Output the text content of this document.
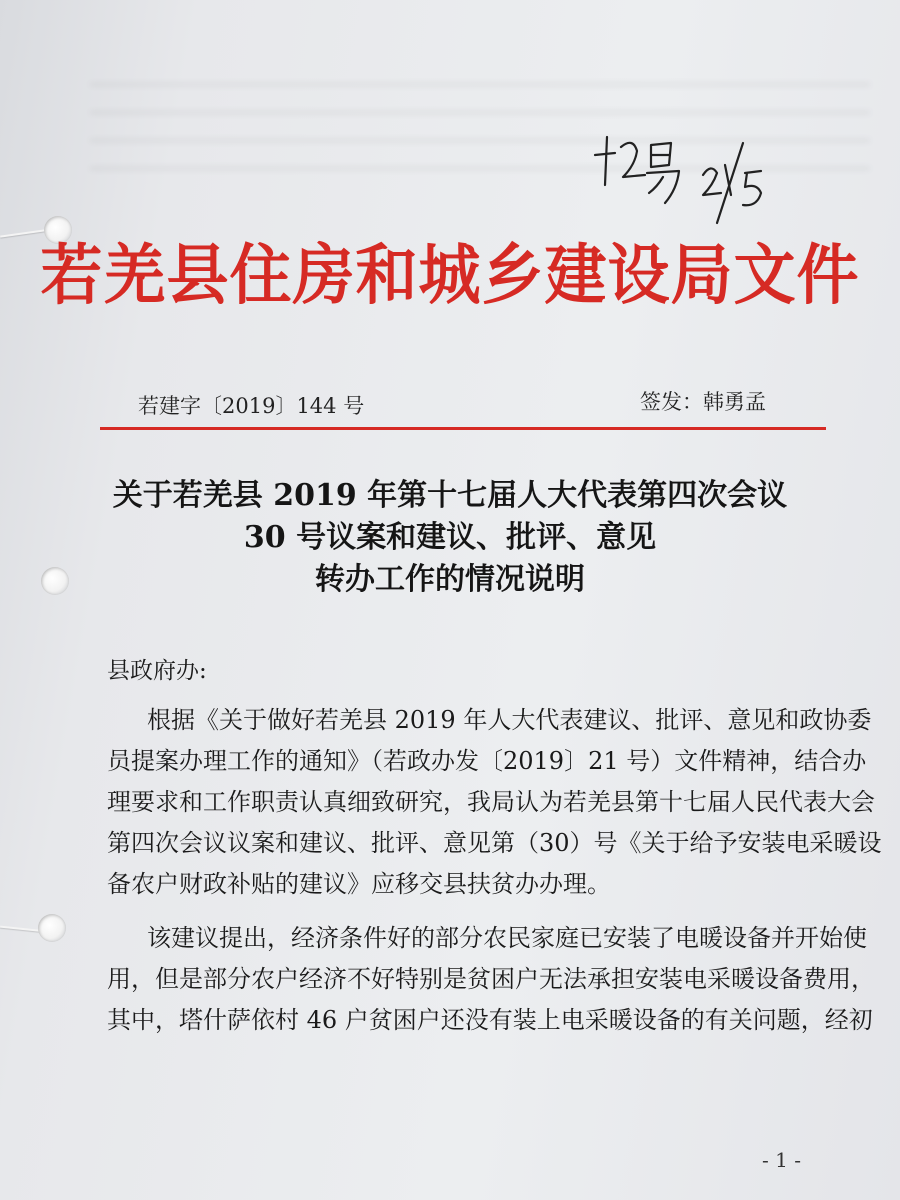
若羌县住房和城乡建设局文件
若建字〔2019〕144 号	签发：韩勇孟
关于若羌县 2019 年第十七届人大代表第四次会议
30 号议案和建议、批评、意见
转办工作的情况说明
县政府办:
根据《关于做好若羌县 2019 年人大代表建议、批评、意见和政协委
员提案办理工作的通知》（若政办发〔2019〕21 号）文件精神，结合办
理要求和工作职责认真细致研究，我局认为若羌县第十七届人民代表大会
第四次会议议案和建议、批评、意见第（30）号《关于给予安装电采暖设
备农户财政补贴的建议》应移交县扶贫办办理。
该建议提出，经济条件好的部分农民家庭已安装了电暖设备并开始使
用，但是部分农户经济不好特别是贫困户无法承担安装电采暖设备费用，
其中，塔什萨依村 46 户贫困户还没有装上电采暖设备的有关问题，经初
- 1 -
